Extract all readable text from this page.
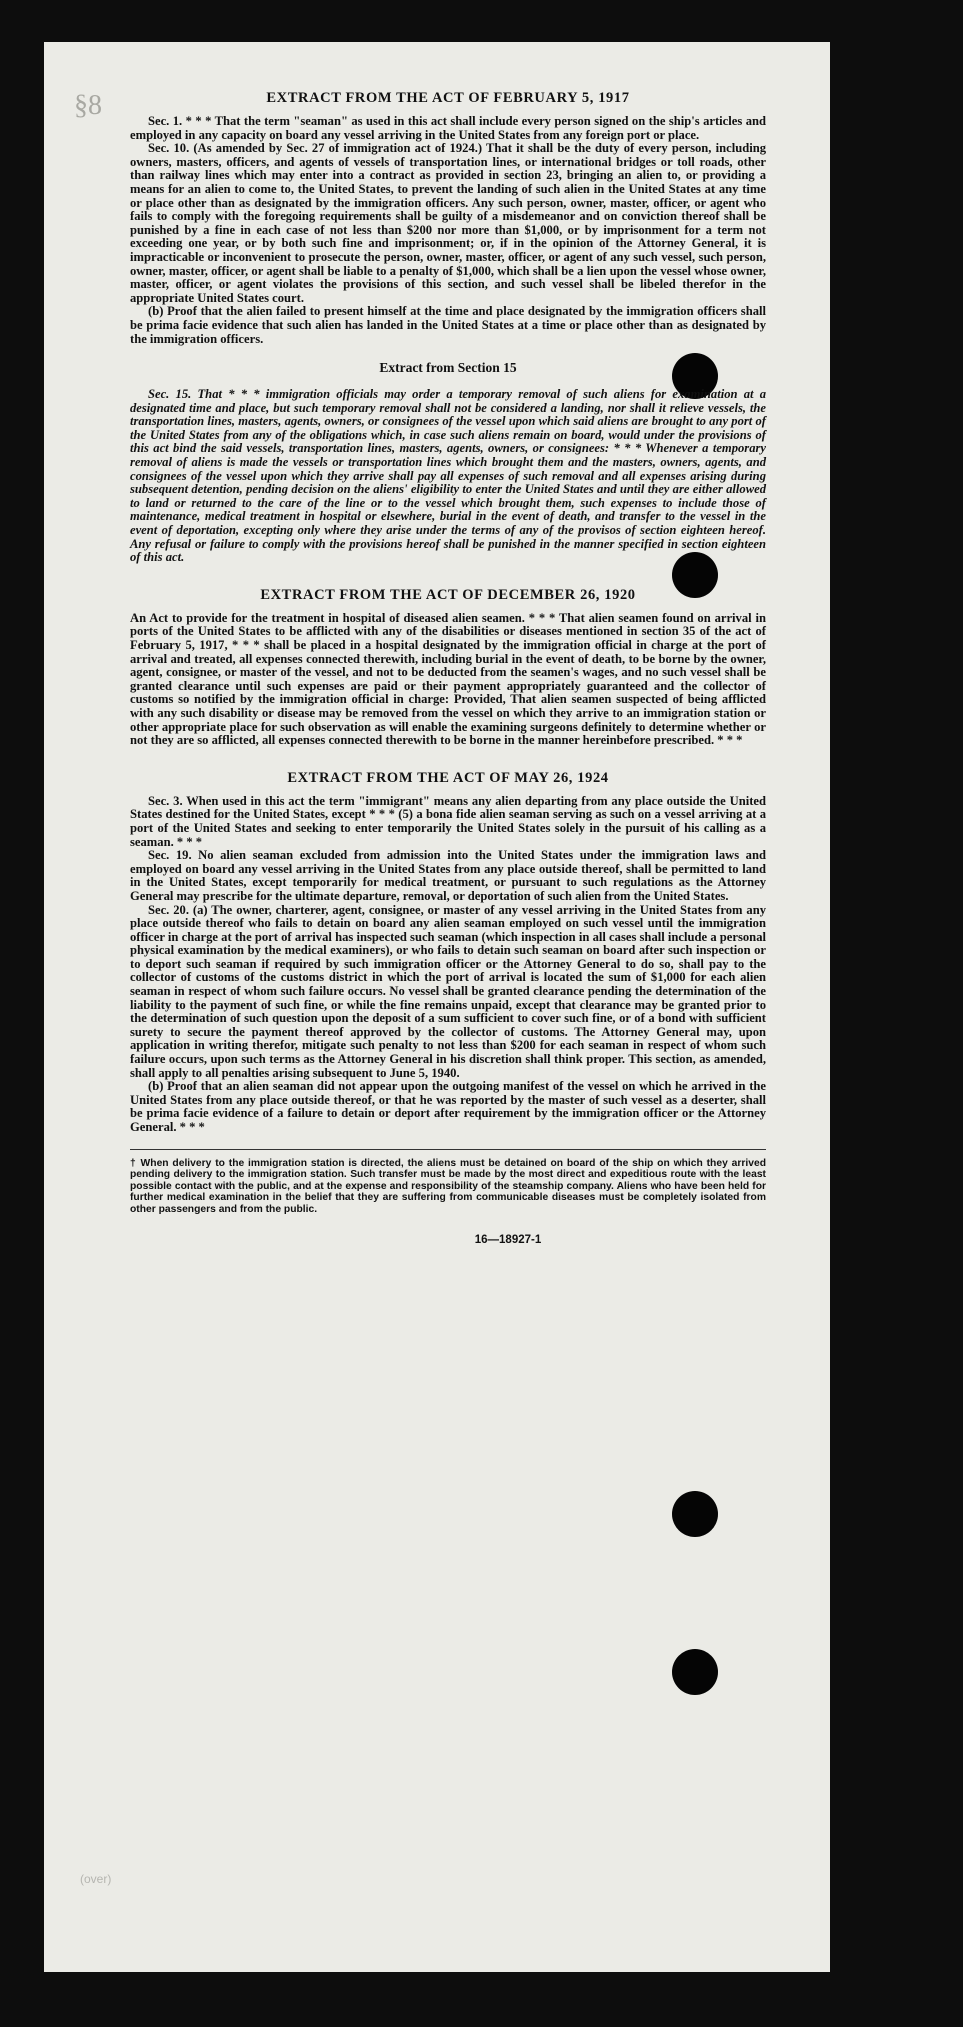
§8
(over)
EXTRACT FROM THE ACT OF FEBRUARY 5, 1917

Sec. 1. * * * That the term "seaman" as used in this act shall include every person signed on the ship's articles and employed in any capacity on board any vessel arriving in the United States from any foreign port or place.

Sec. 10. (As amended by Sec. 27 of immigration act of 1924.) That it shall be the duty of every person, including owners, masters, officers, and agents of vessels of transportation lines, or international bridges or toll roads, other than railway lines which may enter into a contract as provided in section 23, bringing an alien to, or providing a means for an alien to come to, the United States, to prevent the landing of such alien in the United States at any time or place other than as designated by the immigration officers. Any such person, owner, master, officer, or agent who fails to comply with the foregoing requirements shall be guilty of a misdemeanor and on conviction thereof shall be punished by a fine in each case of not less than $200 nor more than $1,000, or by imprisonment for a term not exceeding one year, or by both such fine and imprisonment; or, if in the opinion of the Attorney General, it is impracticable or inconvenient to prosecute the person, owner, master, officer, or agent of any such vessel, such person, owner, master, officer, or agent shall be liable to a penalty of $1,000, which shall be a lien upon the vessel whose owner, master, officer, or agent violates the provisions of this section, and such vessel shall be libeled therefor in the appropriate United States court.

(b) Proof that the alien failed to present himself at the time and place designated by the immigration officers shall be prima facie evidence that such alien has landed in the United States at a time or place other than as designated by the immigration officers.

Extract from Section 15

Sec. 15. That * * * immigration officials may order a temporary removal of such aliens for examination at a designated time and place, but such temporary removal shall not be considered a landing, nor shall it relieve vessels, the transportation lines, masters, agents, owners, or consignees of the vessel upon which said aliens are brought to any port of the United States from any of the obligations which, in case such aliens remain on board, would under the provisions of this act bind the said vessels, transportation lines, masters, agents, owners, or consignees: * * * Whenever a temporary removal of aliens is made the vessels or transportation lines which brought them and the masters, owners, agents, and consignees of the vessel upon which they arrive shall pay all expenses of such removal and all expenses arising during subsequent detention, pending decision on the aliens' eligibility to enter the United States and until they are either allowed to land or returned to the care of the line or to the vessel which brought them, such expenses to include those of maintenance, medical treatment in hospital or elsewhere, burial in the event of death, and transfer to the vessel in the event of deportation, excepting only where they arise under the terms of any of the provisos of section eighteen hereof. Any refusal or failure to comply with the provisions hereof shall be punished in the manner specified in section eighteen of this act.

EXTRACT FROM THE ACT OF DECEMBER 26, 1920

An Act to provide for the treatment in hospital of diseased alien seamen. * * * That alien seamen found on arrival in ports of the United States to be afflicted with any of the disabilities or diseases mentioned in section 35 of the act of February 5, 1917, * * * shall be placed in a hospital designated by the immigration official in charge at the port of arrival and treated, all expenses connected therewith, including burial in the event of death, to be borne by the owner, agent, consignee, or master of the vessel, and not to be deducted from the seamen's wages, and no such vessel shall be granted clearance until such expenses are paid or their payment appropriately guaranteed and the collector of customs so notified by the immigration official in charge: Provided, That alien seamen suspected of being afflicted with any such disability or disease may be removed from the vessel on which they arrive to an immigration station or other appropriate place for such observation as will enable the examining surgeons definitely to determine whether or not they are so afflicted, all expenses connected therewith to be borne in the manner hereinbefore prescribed. * * *

EXTRACT FROM THE ACT OF MAY 26, 1924

Sec. 3. When used in this act the term "immigrant" means any alien departing from any place outside the United States destined for the United States, except * * * (5) a bona fide alien seaman serving as such on a vessel arriving at a port of the United States and seeking to enter temporarily the United States solely in the pursuit of his calling as a seaman. * * *

Sec. 19. No alien seaman excluded from admission into the United States under the immigration laws and employed on board any vessel arriving in the United States from any place outside thereof, shall be permitted to land in the United States, except temporarily for medical treatment, or pursuant to such regulations as the Attorney General may prescribe for the ultimate departure, removal, or deportation of such alien from the United States.

Sec. 20. (a) The owner, charterer, agent, consignee, or master of any vessel arriving in the United States from any place outside thereof who fails to detain on board any alien seaman employed on such vessel until the immigration officer in charge at the port of arrival has inspected such seaman (which inspection in all cases shall include a personal physical examination by the medical examiners), or who fails to detain such seaman on board after such inspection or to deport such seaman if required by such immigration officer or the Attorney General to do so, shall pay to the collector of customs of the customs district in which the port of arrival is located the sum of $1,000 for each alien seaman in respect of whom such failure occurs. No vessel shall be granted clearance pending the determination of the liability to the payment of such fine, or while the fine remains unpaid, except that clearance may be granted prior to the determination of such question upon the deposit of a sum sufficient to cover such fine, or of a bond with sufficient surety to secure the payment thereof approved by the collector of customs. The Attorney General may, upon application in writing therefor, mitigate such penalty to not less than $200 for each seaman in respect of whom such failure occurs, upon such terms as the Attorney General in his discretion shall think proper. This section, as amended, shall apply to all penalties arising subsequent to June 5, 1940.

(b) Proof that an alien seaman did not appear upon the outgoing manifest of the vessel on which he arrived in the United States from any place outside thereof, or that he was reported by the master of such vessel as a deserter, shall be prima facie evidence of a failure to detain or deport after requirement by the immigration officer or the Attorney General. * * *

† When delivery to the immigration station is directed, the aliens must be detained on board of the ship on which they arrived pending delivery to the immigration station. Such transfer must be made by the most direct and expeditious route with the least possible contact with the public, and at the expense and responsibility of the steamship company. Aliens who have been held for further medical examination in the belief that they are suffering from communicable diseases must be completely isolated from other passengers and from the public.
16—18927-1
